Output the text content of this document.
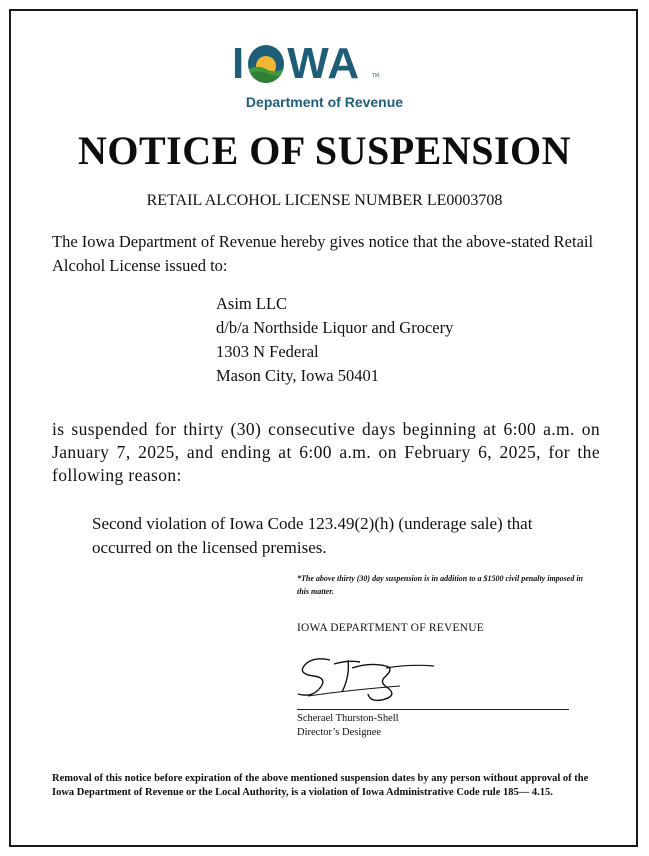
I WA TM
Department of Revenue
NOTICE OF SUSPENSION
RETAIL ALCOHOL LICENSE NUMBER LE0003708
The Iowa Department of Revenue hereby gives notice that the above-stated Retail Alcohol License issued to:
Asim LLC
d/b/a Northside Liquor and Grocery
1303 N Federal
Mason City, Iowa 50401
is suspended for thirty (30) consecutive days beginning at 6:00 a.m. on January 7, 2025, and ending at 6:00 a.m. on February 6, 2025, for the following reason:
Second violation of Iowa Code 123.49(2)(h) (underage sale) that occurred on the licensed premises.
*The above thirty (30) day suspension is in addition to a $1500 civil penalty imposed in this matter.
IOWA DEPARTMENT OF REVENUE
Scherael Thurston-Shell
Director’s Designee
Removal of this notice before expiration of the above mentioned suspension dates by any person without approval of the Iowa Department of Revenue or the Local Authority, is a violation of Iowa Administrative Code rule 185— 4.15.
